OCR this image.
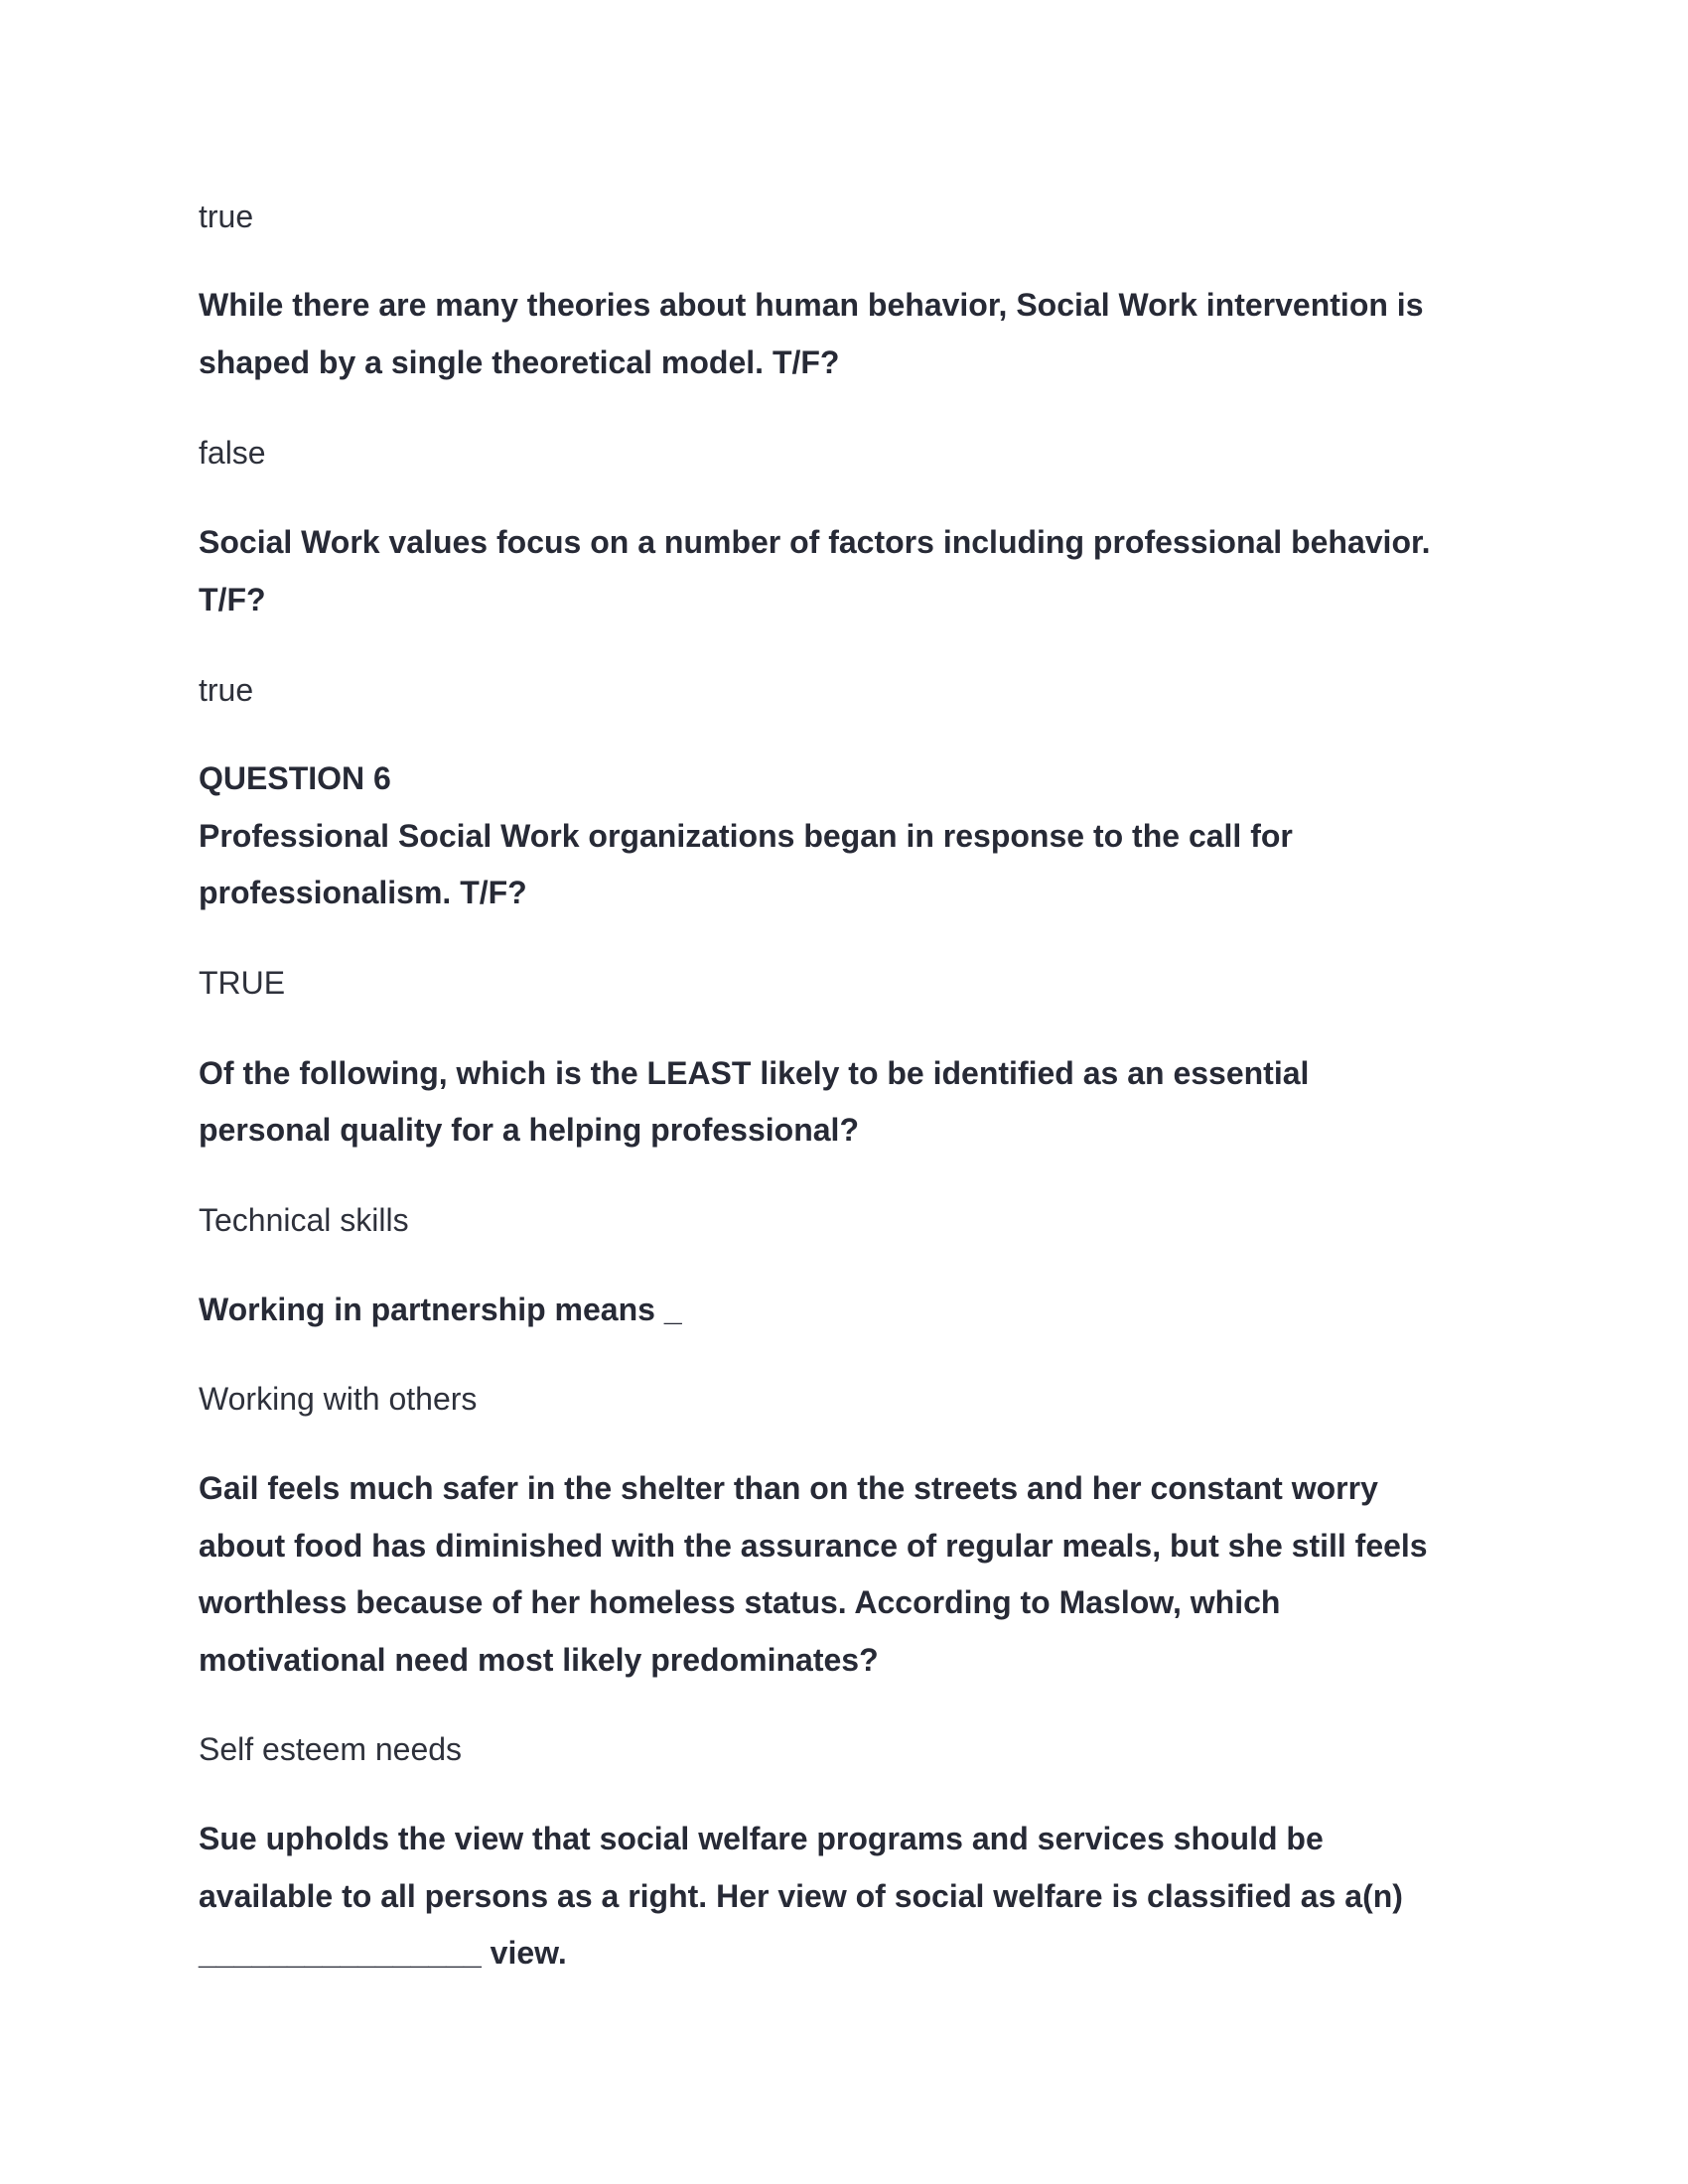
true

While there are many theories about human behavior, Social Work intervention is

shaped by a single theoretical model. T/F?

false

Social Work values focus on a number of factors including professional behavior.

T/F?

true

QUESTION 6

Professional Social Work organizations began in response to the call for

professionalism. T/F?

TRUE

Of the following, which is the LEAST likely to be identified as an essential

personal quality for a helping professional?

Technical skills

Working in partnership means _

Working with others

Gail feels much safer in the shelter than on the streets and her constant worry

about food has diminished with the assurance of regular meals, but she still feels

worthless because of her homeless status. According to Maslow, which

motivational need most likely predominates?

Self esteem needs

Sue upholds the view that social welfare programs and services should be

available to all persons as a right. Her view of social welfare is classified as a(n)

________________ view.
